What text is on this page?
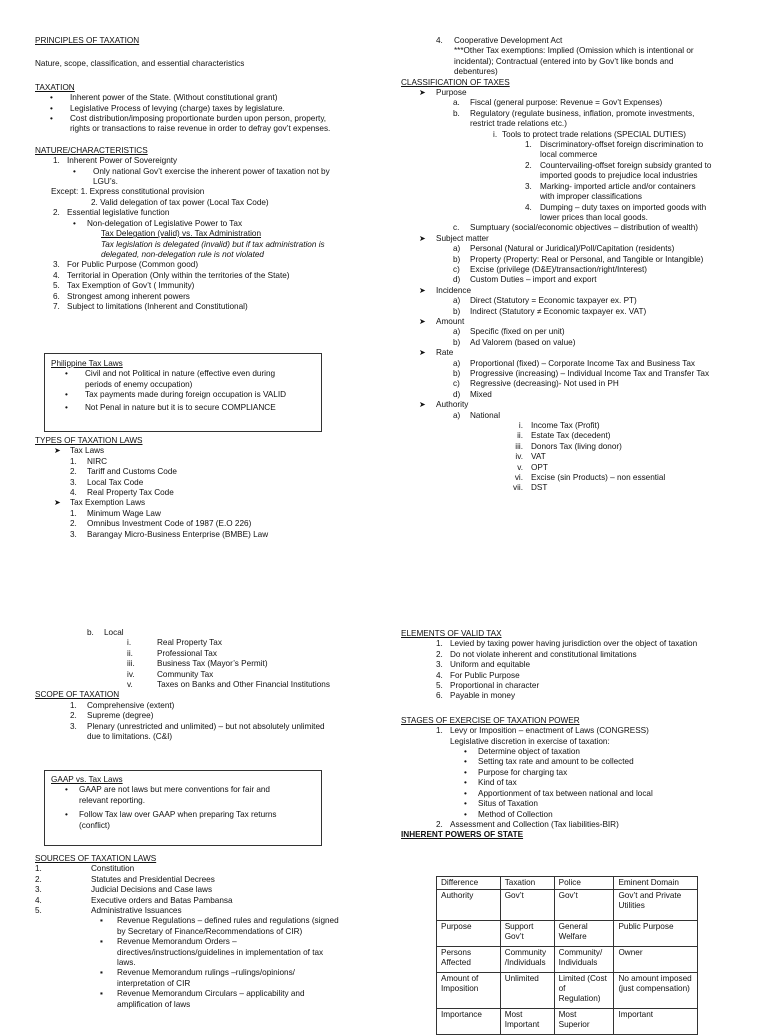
PRINCIPLES OF TAXATION
Nature, scope, classification, and essential characteristics
TAXATION
•	Inherent power of the State. (Without constitutional grant)
•	Legislative Process of levying (charge) taxes by legislature.
•	Cost distribution/imposing proportionate burden upon person, property,
rights or transactions to raise revenue in order to defray gov’t expenses.
NATURE/CHARACTERISTICS
1. Inherent Power of Sovereignty
•	Only national Gov’t exercise the inherent power of taxation not by
LGU’s.
Except: 1. Express constitutional provision
2. Valid delegation of tax power (Local Tax Code)
2. Essential legislative function
•	Non-delegation of Legislative Power to Tax
Tax Delegation (valid) vs. Tax Administration
Tax legislation is delegated (invalid) but if tax administration is
delegated, non-delegation rule is not violated
3. For Public Purpose (Common good)
4. Territorial in Operation (Only within the territories of the State)
5. Tax Exemption of Gov’t ( Immunity)
6. Strongest among inherent powers
7. Subject to limitations (Inherent and Constitutional)
Philippine Tax Laws
•	Civil and not Political in nature (effective even during
periods of enemy occupation)
•	Tax payments made during foreign occupation is VALID
•	Not Penal in nature but it is to secure COMPLIANCE
TYPES OF TAXATION LAWS
➤	Tax Laws
1.	NIRC
2.	Tariff and Customs Code
3.	Local Tax Code
4.	Real Property Tax Code
➤	Tax Exemption Laws
1.	Minimum Wage Law
2.	Omnibus Investment Code of 1987 (E.O 226)
3.	Barangay Micro-Business Enterprise (BMBE) Law
4.	Cooperative Development Act
***Other Tax exemptions: Implied (Omission which is intentional or
incidental); Contractual (entered into by Gov’t like bonds and
debentures)
CLASSIFICATION OF TAXES
➤	Purpose
a.	Fiscal (general purpose: Revenue = Gov’t Expenses)
b.	Regulatory (regulate business, inflation, promote investments,
restrict trade relations etc.)
i. Tools to protect trade relations (SPECIAL DUTIES)
1. Discriminatory-offset foreign discrimination to
local commerce
2. Countervailing-offset foreign subsidy granted to
imported goods to prejudice local industries
3. Marking- imported article and/or containers
with improper classifications
4. Dumping – duty taxes on imported goods with
lower prices than local goods.
c.	Sumptuary (social/economic objectives – distribution of wealth)
➤	Subject matter
a)	Personal (Natural or Juridical)/Poll/Capitation (residents)
b)	Property (Property: Real or Personal, and Tangible or Intangible)
c)	Excise (privilege (D&E)/transaction/right/Interest)
d)	Custom Duties – import and export
➤	Incidence
a)	Direct (Statutory = Economic taxpayer ex. PT)
b)	Indirect (Statutory ≠ Economic taxpayer ex. VAT)
➤	Amount
a)	Specific (fixed on per unit)
b)	Ad Valorem (based on value)
➤	Rate
a)	Proportional (fixed) – Corporate Income Tax and Business Tax
b)	Progressive (increasing) – Individual Income Tax and Transfer Tax
c)	Regressive (decreasing)- Not used in PH
d)	Mixed
➤	Authority
a)	National
i. Income Tax (Profit)
ii. Estate Tax (decedent)
iii. Donors Tax (living donor)
iv. VAT
v. OPT
vi. Excise (sin Products) – non essential
vii. DST
b.	Local
i.	Real Property Tax
ii.	Professional Tax
iii.	Business Tax (Mayor’s Permit)
iv.	Community Tax
v.	Taxes on Banks and Other Financial Institutions
SCOPE OF TAXATION
1.	Comprehensive (extent)
2.	Supreme (degree)
3.	Plenary (unrestricted and unlimited) – but not absolutely unlimited
due to limitations. (C&I)
GAAP vs. Tax Laws
•	GAAP are not laws but mere conventions for fair and
relevant reporting.
•	Follow Tax law over GAAP when preparing Tax returns
(conflict)
SOURCES OF TAXATION LAWS
1.	Constitution
2.	Statutes and Presidential Decrees
3.	Judicial Decisions and Case laws
4.	Executive orders and Batas Pambansa
5.	Administrative Issuances
▪	Revenue Regulations – defined rules and regulations (signed
by Secretary of Finance/Recommendations of CIR)
▪	Revenue Memorandum Orders –
directives/instructions/guidelines in implementation of tax
laws.
▪	Revenue Memorandum rulings –rulings/opinions/
interpretation of CIR
▪	Revenue Memorandum Circulars – applicability and
amplification of laws
ELEMENTS OF VALID TAX
1. Levied by taxing power having jurisdiction over the object of taxation
2. Do not violate inherent and constitutional limitations
3. Uniform and equitable
4. For Public Purpose
5. Proportional in character
6. Payable in money
STAGES OF EXERCISE OF TAXATION POWER
1. Levy or Imposition – enactment of Laws (CONGRESS)
Legislative discretion in exercise of taxation:
•	Determine object of taxation
•	Setting tax rate and amount to be collected
•	Purpose for charging tax
•	Kind of tax
•	Apportionment of tax between national and local
•	Situs of Taxation
•	Method of Collection
2. Assessment and Collection (Tax liabilities-BIR)
INHERENT POWERS OF STATE
Difference	Taxation	Police	Eminent Domain
Authority	Gov’t	Gov’t	Gov’t and Private Utilities
Purpose	Support Gov’t	General Welfare	Public Purpose
Persons Affected	Community /Individuals	Community/ Individuals	Owner
Amount of Imposition	Unlimited	Limited (Cost of Regulation)	No amount imposed (just compensation)
Importance	Most Important	Most Superior	Important
